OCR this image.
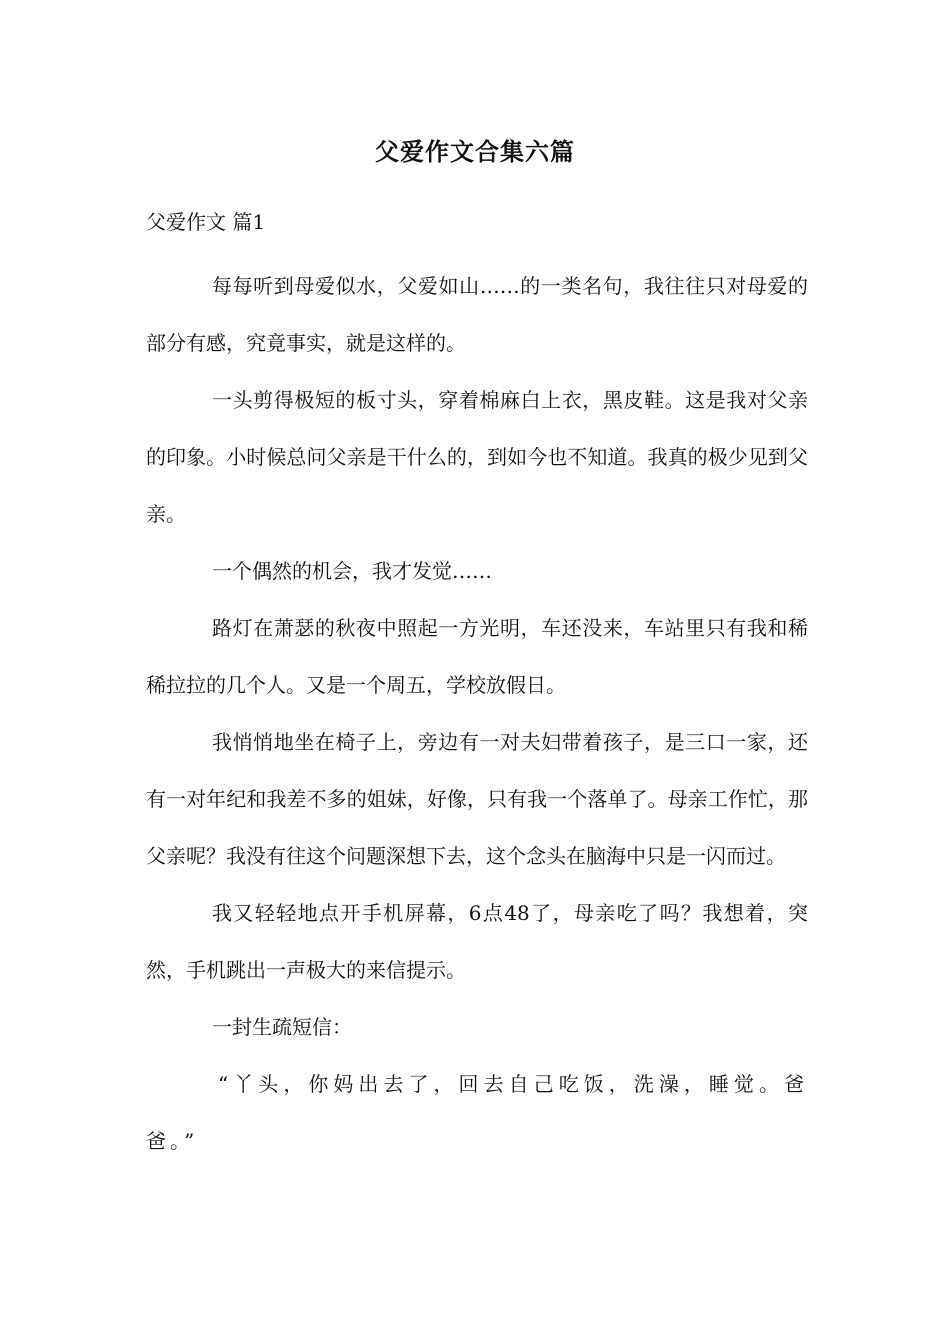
父爱作文合集六篇
父爱作文 篇1

每每听到母爱似水，父爱如山……的一类名句，我往往只对母爱的部分有感，究竟事实，就是这样的。

一头剪得极短的板寸头，穿着棉麻白上衣，黑皮鞋。这是我对父亲的印象。小时候总问父亲是干什么的，到如今也不知道。我真的极少见到父亲。

一个偶然的机会，我才发觉……

路灯在萧瑟的秋夜中照起一方光明，车还没来，车站里只有我和稀稀拉拉的几个人。又是一个周五，学校放假日。

我悄悄地坐在椅子上，旁边有一对夫妇带着孩子，是三口一家，还有一对年纪和我差不多的姐妹，好像，只有我一个落单了。母亲工作忙，那父亲呢？我没有往这个问题深想下去，这个念头在脑海中只是一闪而过。

我又轻轻地点开手机屏幕，6点48了，母亲吃了吗？我想着，突然，手机跳出一声极大的来信提示。

一封生疏短信：

“丫头，你妈出去了，回去自己吃饭，洗澡，睡觉。爸爸。”
